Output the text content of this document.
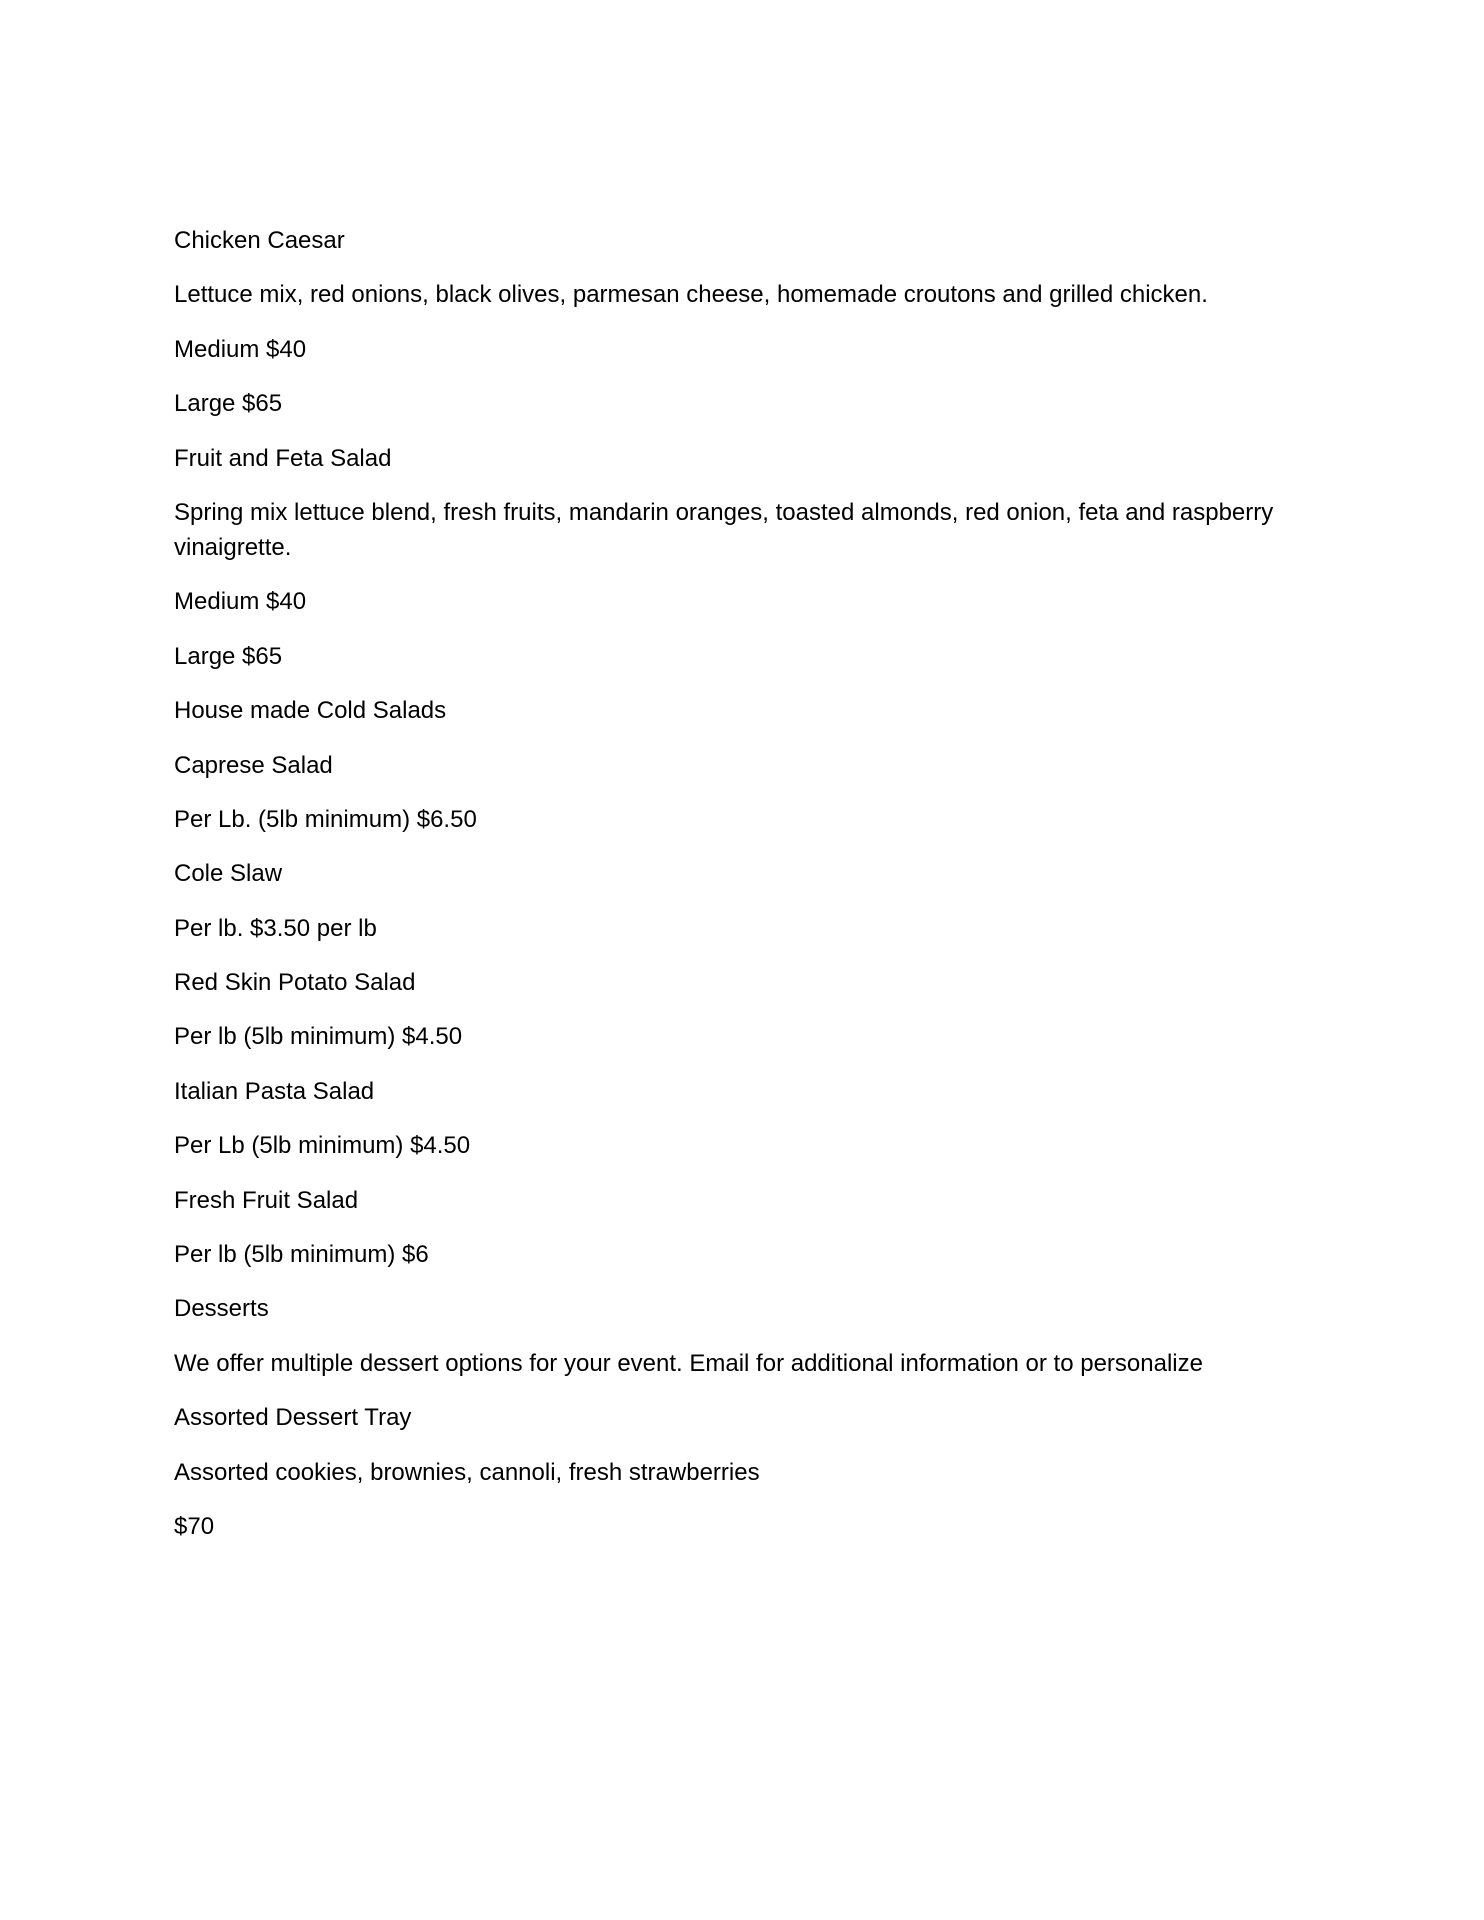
Chicken Caesar
Lettuce mix, red onions, black olives, parmesan cheese, homemade croutons and grilled chicken.
Medium $40
Large $65
Fruit and Feta Salad
Spring mix lettuce blend, fresh fruits, mandarin oranges, toasted almonds, red onion, feta and raspberry vinaigrette.
Medium $40
Large $65
House made Cold Salads
Caprese Salad
Per Lb. (5lb minimum) $6.50
Cole Slaw
Per lb. $3.50 per lb
Red Skin Potato Salad
Per lb (5lb minimum) $4.50
Italian Pasta Salad
Per Lb (5lb minimum) $4.50
Fresh Fruit Salad
Per lb (5lb minimum) $6
Desserts
We offer multiple dessert options for your event. Email for additional information or to personalize
Assorted Dessert Tray
Assorted cookies, brownies, cannoli, fresh strawberries
$70
